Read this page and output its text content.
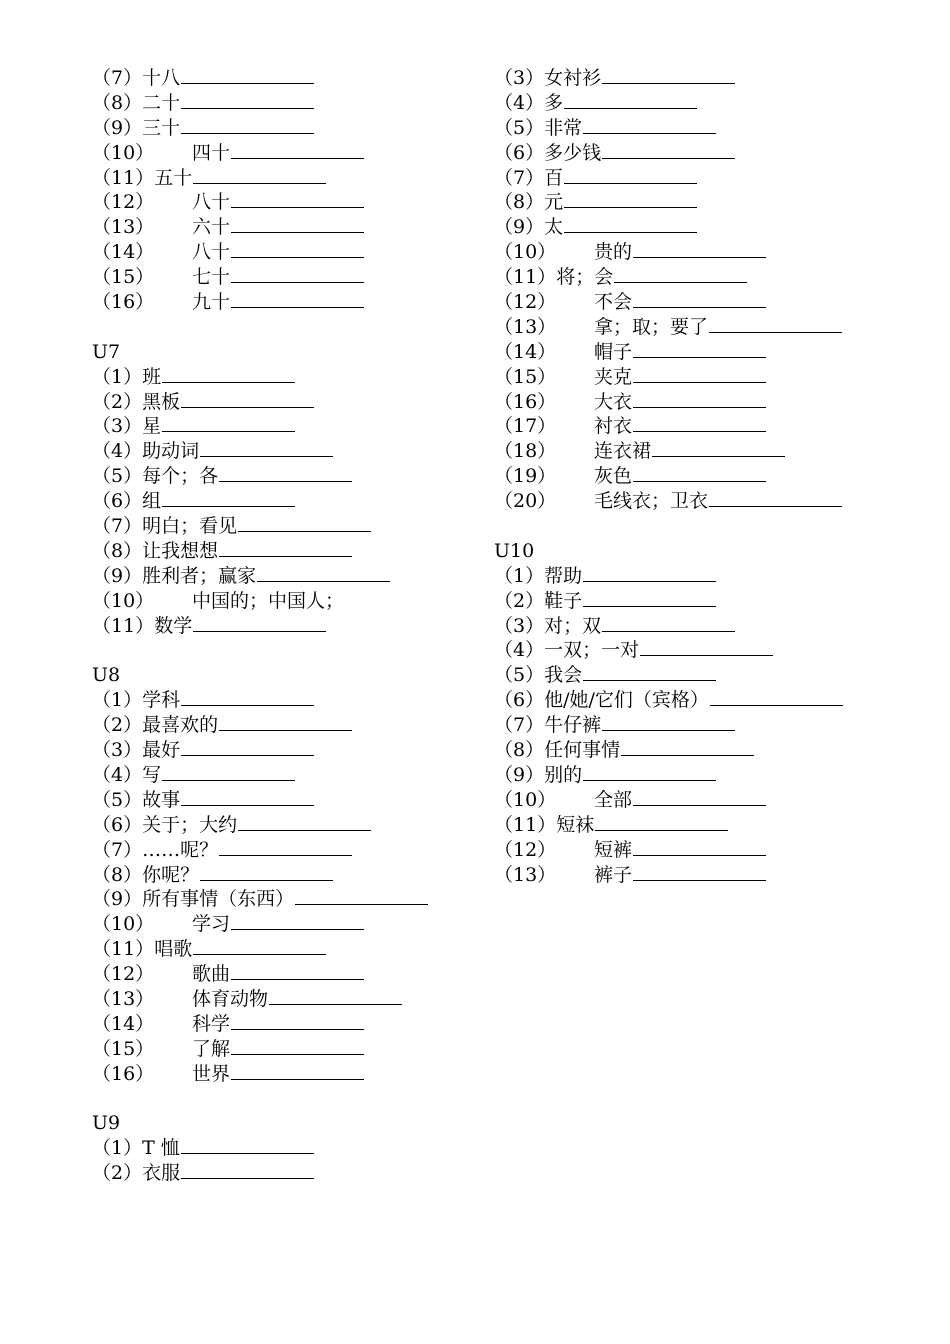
（7）十八
（8）二十
（9）三十
（10） 四十
（11）五十
（12） 八十
（13） 六十
（14） 八十
（15） 七十
（16） 九十
U7
（1）班
（2）黑板
（3）星
（4）助动词
（5）每个；各
（6）组
（7）明白；看见
（8）让我想想
（9）胜利者；赢家
（10） 中国的；中国人；
（11）数学
U8
（1）学科
（2）最喜欢的
（3）最好
（4）写
（5）故事
（6）关于；大约
（7）……呢？
（8）你呢？
（9）所有事情（东西）
（10） 学习
（11）唱歌
（12） 歌曲
（13） 体育动物
（14） 科学
（15） 了解
（16） 世界
U9
（1）T 恤
（2）衣服
（3）女衬衫
（4）多
（5）非常
（6）多少钱
（7）百
（8）元
（9）太
（10） 贵的
（11）将；会
（12） 不会
（13） 拿；取；要了
（14） 帽子
（15） 夹克
（16） 大衣
（17） 衬衣
（18） 连衣裙
（19） 灰色
（20） 毛线衣；卫衣
U10
（1）帮助
（2）鞋子
（3）对；双
（4）一双；一对
（5）我会
（6）他/她/它们（宾格）
（7）牛仔裤
（8）任何事情
（9）别的
（10） 全部
（11）短袜
（12） 短裤
（13） 裤子
